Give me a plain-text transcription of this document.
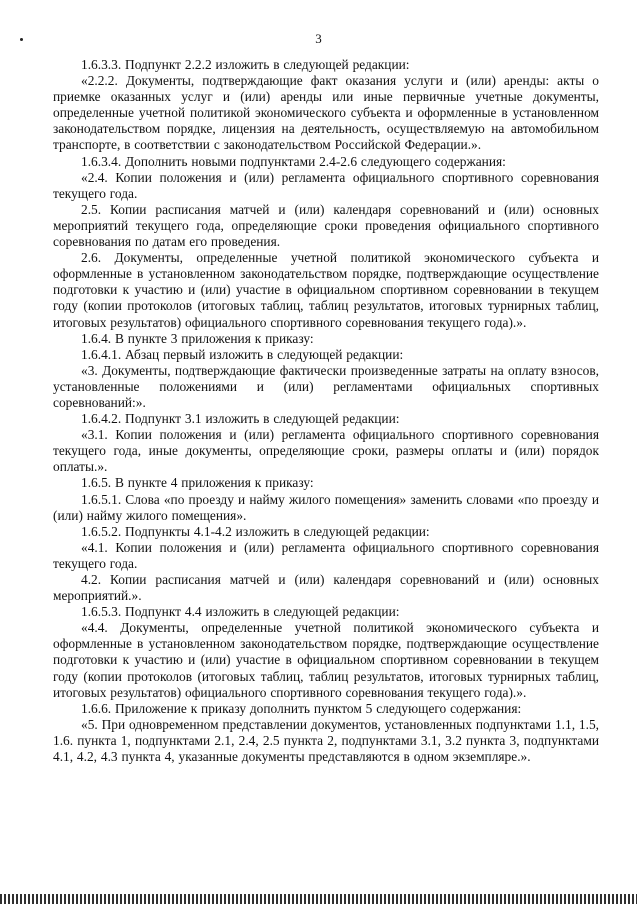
3

1.6.3.3. Подпункт 2.2.2 изложить в следующей редакции:

«2.2.2. Документы, подтверждающие факт оказания услуги и (или) аренды: акты о приемке оказанных услуг и (или) аренды или иные первичные учетные документы, определенные учетной политикой экономического субъекта и оформленные в установленном законодательством порядке, лицензия на деятельность, осуществляемую на автомобильном транспорте, в соответствии с законодательством Российской Федерации.».

1.6.3.4. Дополнить новыми подпунктами 2.4-2.6 следующего содержания:

«2.4. Копии положения и (или) регламента официального спортивного соревнования текущего года.

2.5. Копии расписания матчей и (или) календаря соревнований и (или) основных мероприятий текущего года, определяющие сроки проведения официального спортивного соревнования по датам его проведения.

2.6. Документы, определенные учетной политикой экономического субъекта и оформленные в установленном законодательством порядке, подтверждающие осуществление подготовки к участию и (или) участие в официальном спортивном соревновании в текущем году (копии протоколов (итоговых таблиц, таблиц результатов, итоговых турнирных таблиц, итоговых результатов) официального спортивного соревнования текущего года).».

1.6.4. В пункте 3 приложения к приказу:

1.6.4.1. Абзац первый изложить в следующей редакции:

«3. Документы, подтверждающие фактически произведенные затраты на оплату взносов, установленные положениями и (или) регламентами официальных спортивных соревнований:».

1.6.4.2. Подпункт 3.1 изложить в следующей редакции:

«3.1. Копии положения и (или) регламента официального спортивного соревнования текущего года, иные документы, определяющие сроки, размеры оплаты и (или) порядок оплаты.».

1.6.5. В пункте 4 приложения к приказу:

1.6.5.1. Слова «по проезду и найму жилого помещения» заменить словами «по проезду и (или) найму жилого помещения».

1.6.5.2. Подпункты 4.1-4.2 изложить в следующей редакции:

«4.1. Копии положения и (или) регламента официального спортивного соревнования текущего года.

4.2. Копии расписания матчей и (или) календаря соревнований и (или) основных мероприятий.».

1.6.5.3. Подпункт 4.4 изложить в следующей редакции:

«4.4. Документы, определенные учетной политикой экономического субъекта и оформленные в установленном законодательством порядке, подтверждающие осуществление подготовки к участию и (или) участие в официальном спортивном соревновании в текущем году (копии протоколов (итоговых таблиц, таблиц результатов, итоговых турнирных таблиц, итоговых результатов) официального спортивного соревнования текущего года).».

1.6.6. Приложение к приказу дополнить пунктом 5 следующего содержания:

«5. При одновременном представлении документов, установленных подпунктами 1.1, 1.5, 1.6. пункта 1, подпунктами 2.1, 2.4, 2.5 пункта 2, подпунктами 3.1, 3.2 пункта 3, подпунктами 4.1, 4.2, 4.3 пункта 4, указанные документы представляются в одном экземпляре.».
